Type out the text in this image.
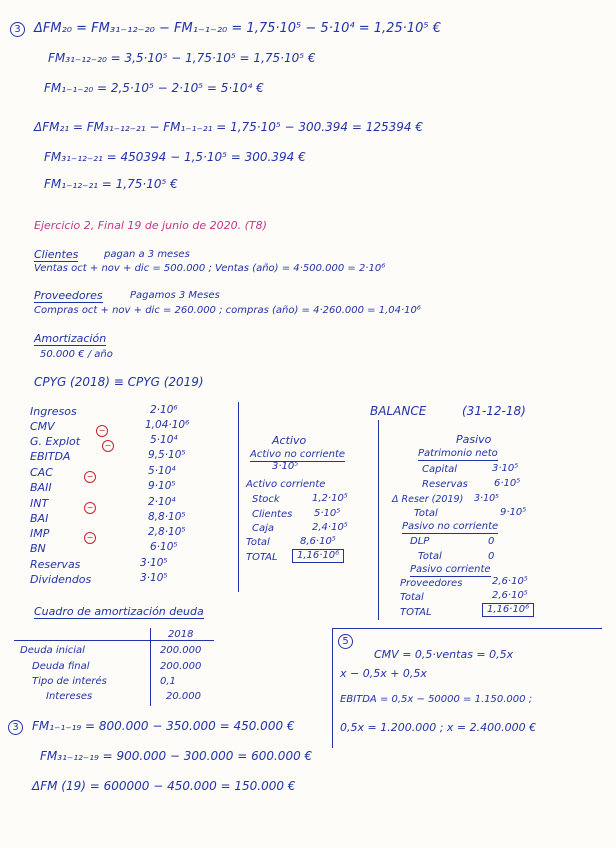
3	ΔFM₂₀ = FM₃₁₋₁₂₋₂₀ − FM₁₋₁₋₂₀ = 1,75·10⁵ − 5·10⁴ = 1,25·10⁵ €
FM₃₁₋₁₂₋₂₀ = 3,5·10⁵ − 1,75·10⁵ = 1,75·10⁵ €
FM₁₋₁₋₂₀ = 2,5·10⁵ − 2·10⁵ = 5·10⁴ €
ΔFM₂₁ = FM₃₁₋₁₂₋₂₁ − FM₁₋₁₋₂₁ = 1,75·10⁵ − 300.394 = 125394 €
FM₃₁₋₁₂₋₂₁ = 450394 − 1,5·10⁵ = 300.394 €
FM₁₋₁₂₋₂₁ = 1,75·10⁵ €
Ejercicio 2, Final 19 de junio de 2020. (T8)
Clientes	pagan a 3 meses
Ventas oct + nov + dic = 500.000 ; Ventas (año) = 4·500.000 = 2·10⁶
Proveedores	Pagamos 3 Meses
Compras oct + nov + dic = 260.000 ; compras (año) = 4·260.000 = 1,04·10⁶
Amortización
50.000 € / año
CPYG (2018) ≡ CPYG (2019)
Ingresos	2·10⁶
CMV	1,04·10⁶
−
G. Explot	5·10⁴
−
EBITDA	9,5·10⁵
CAC	5·10⁴
−
BAII	9·10⁵
INT	2·10⁴
−
BAI	8,8·10⁵
IMP	2,8·10⁵
−
BN	6·10⁵
Reservas	3·10⁵
Dividendos	3·10⁵
BALANCE	(31-12-18)
Activo
Activo no corriente
3·10⁵
Activo corriente
Stock	1,2·10⁵
Clientes 5·10⁵
Caja	2,4·10⁵
Total	8,6·10⁵
TOTAL	1,16·10⁶
Pasivo
Patrimonio neto
Capital	3·10⁵
Reservas	6·10⁵
Δ Reser (2019) 3·10⁵
Total	9·10⁵
Pasivo no corriente
DLP	0
Total	0
Pasivo corriente
Proveedores	2,6·10⁵
Total	2,6·10⁵
TOTAL	1,16·10⁶
Cuadro de amortización deuda
2018
Deuda inicial	200.000
Deuda final	200.000
Tipo de interés	0,1
Intereses	20.000
5
CMV = 0,5·ventas = 0,5x
x − 0,5x + 0,5x
EBITDA = 0,5x − 50000 = 1.150.000 ;
0,5x = 1.200.000 ; x = 2.400.000 €
3	FM₁₋₁₋₁₉ = 800.000 − 350.000 = 450.000 €
FM₃₁₋₁₂₋₁₉ = 900.000 − 300.000 = 600.000 €
ΔFM (19) = 600000 − 450.000 = 150.000 €
